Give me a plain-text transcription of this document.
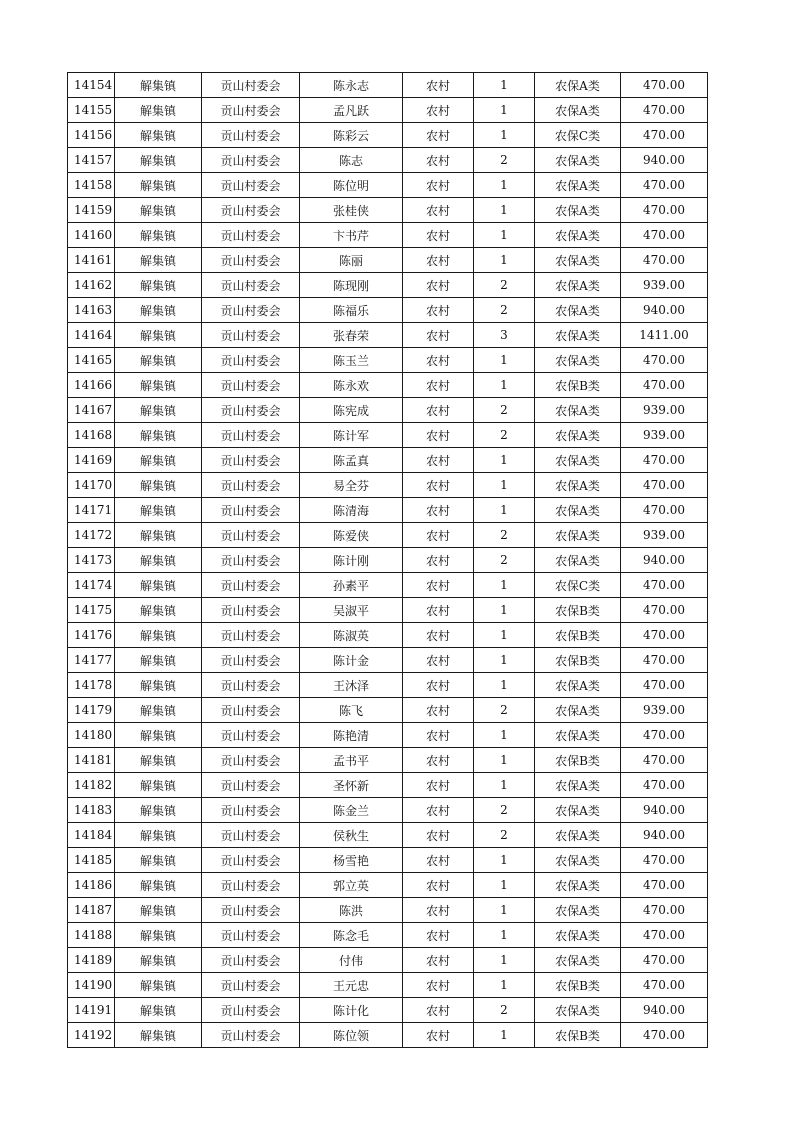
14154	解集镇	贡山村委会	陈永志	农村	1	农保A类	470.00
14155	解集镇	贡山村委会	孟凡跃	农村	1	农保A类	470.00
14156	解集镇	贡山村委会	陈彩云	农村	1	农保C类	470.00
14157	解集镇	贡山村委会	陈志	农村	2	农保A类	940.00
14158	解集镇	贡山村委会	陈位明	农村	1	农保A类	470.00
14159	解集镇	贡山村委会	张桂侠	农村	1	农保A类	470.00
14160	解集镇	贡山村委会	卞书芹	农村	1	农保A类	470.00
14161	解集镇	贡山村委会	陈丽	农村	1	农保A类	470.00
14162	解集镇	贡山村委会	陈现刚	农村	2	农保A类	939.00
14163	解集镇	贡山村委会	陈福乐	农村	2	农保A类	940.00
14164	解集镇	贡山村委会	张春荣	农村	3	农保A类	1411.00
14165	解集镇	贡山村委会	陈玉兰	农村	1	农保A类	470.00
14166	解集镇	贡山村委会	陈永欢	农村	1	农保B类	470.00
14167	解集镇	贡山村委会	陈宪成	农村	2	农保A类	939.00
14168	解集镇	贡山村委会	陈计军	农村	2	农保A类	939.00
14169	解集镇	贡山村委会	陈孟真	农村	1	农保A类	470.00
14170	解集镇	贡山村委会	易全芬	农村	1	农保A类	470.00
14171	解集镇	贡山村委会	陈清海	农村	1	农保A类	470.00
14172	解集镇	贡山村委会	陈爱侠	农村	2	农保A类	939.00
14173	解集镇	贡山村委会	陈计刚	农村	2	农保A类	940.00
14174	解集镇	贡山村委会	孙素平	农村	1	农保C类	470.00
14175	解集镇	贡山村委会	吴淑平	农村	1	农保B类	470.00
14176	解集镇	贡山村委会	陈淑英	农村	1	农保B类	470.00
14177	解集镇	贡山村委会	陈计金	农村	1	农保B类	470.00
14178	解集镇	贡山村委会	王沐泽	农村	1	农保A类	470.00
14179	解集镇	贡山村委会	陈飞	农村	2	农保A类	939.00
14180	解集镇	贡山村委会	陈艳清	农村	1	农保A类	470.00
14181	解集镇	贡山村委会	孟书平	农村	1	农保B类	470.00
14182	解集镇	贡山村委会	圣怀新	农村	1	农保A类	470.00
14183	解集镇	贡山村委会	陈金兰	农村	2	农保A类	940.00
14184	解集镇	贡山村委会	侯秋生	农村	2	农保A类	940.00
14185	解集镇	贡山村委会	杨雪艳	农村	1	农保A类	470.00
14186	解集镇	贡山村委会	郭立英	农村	1	农保A类	470.00
14187	解集镇	贡山村委会	陈洪	农村	1	农保A类	470.00
14188	解集镇	贡山村委会	陈念毛	农村	1	农保A类	470.00
14189	解集镇	贡山村委会	付伟	农村	1	农保A类	470.00
14190	解集镇	贡山村委会	王元忠	农村	1	农保B类	470.00
14191	解集镇	贡山村委会	陈计化	农村	2	农保A类	940.00
14192	解集镇	贡山村委会	陈位领	农村	1	农保B类	470.00
